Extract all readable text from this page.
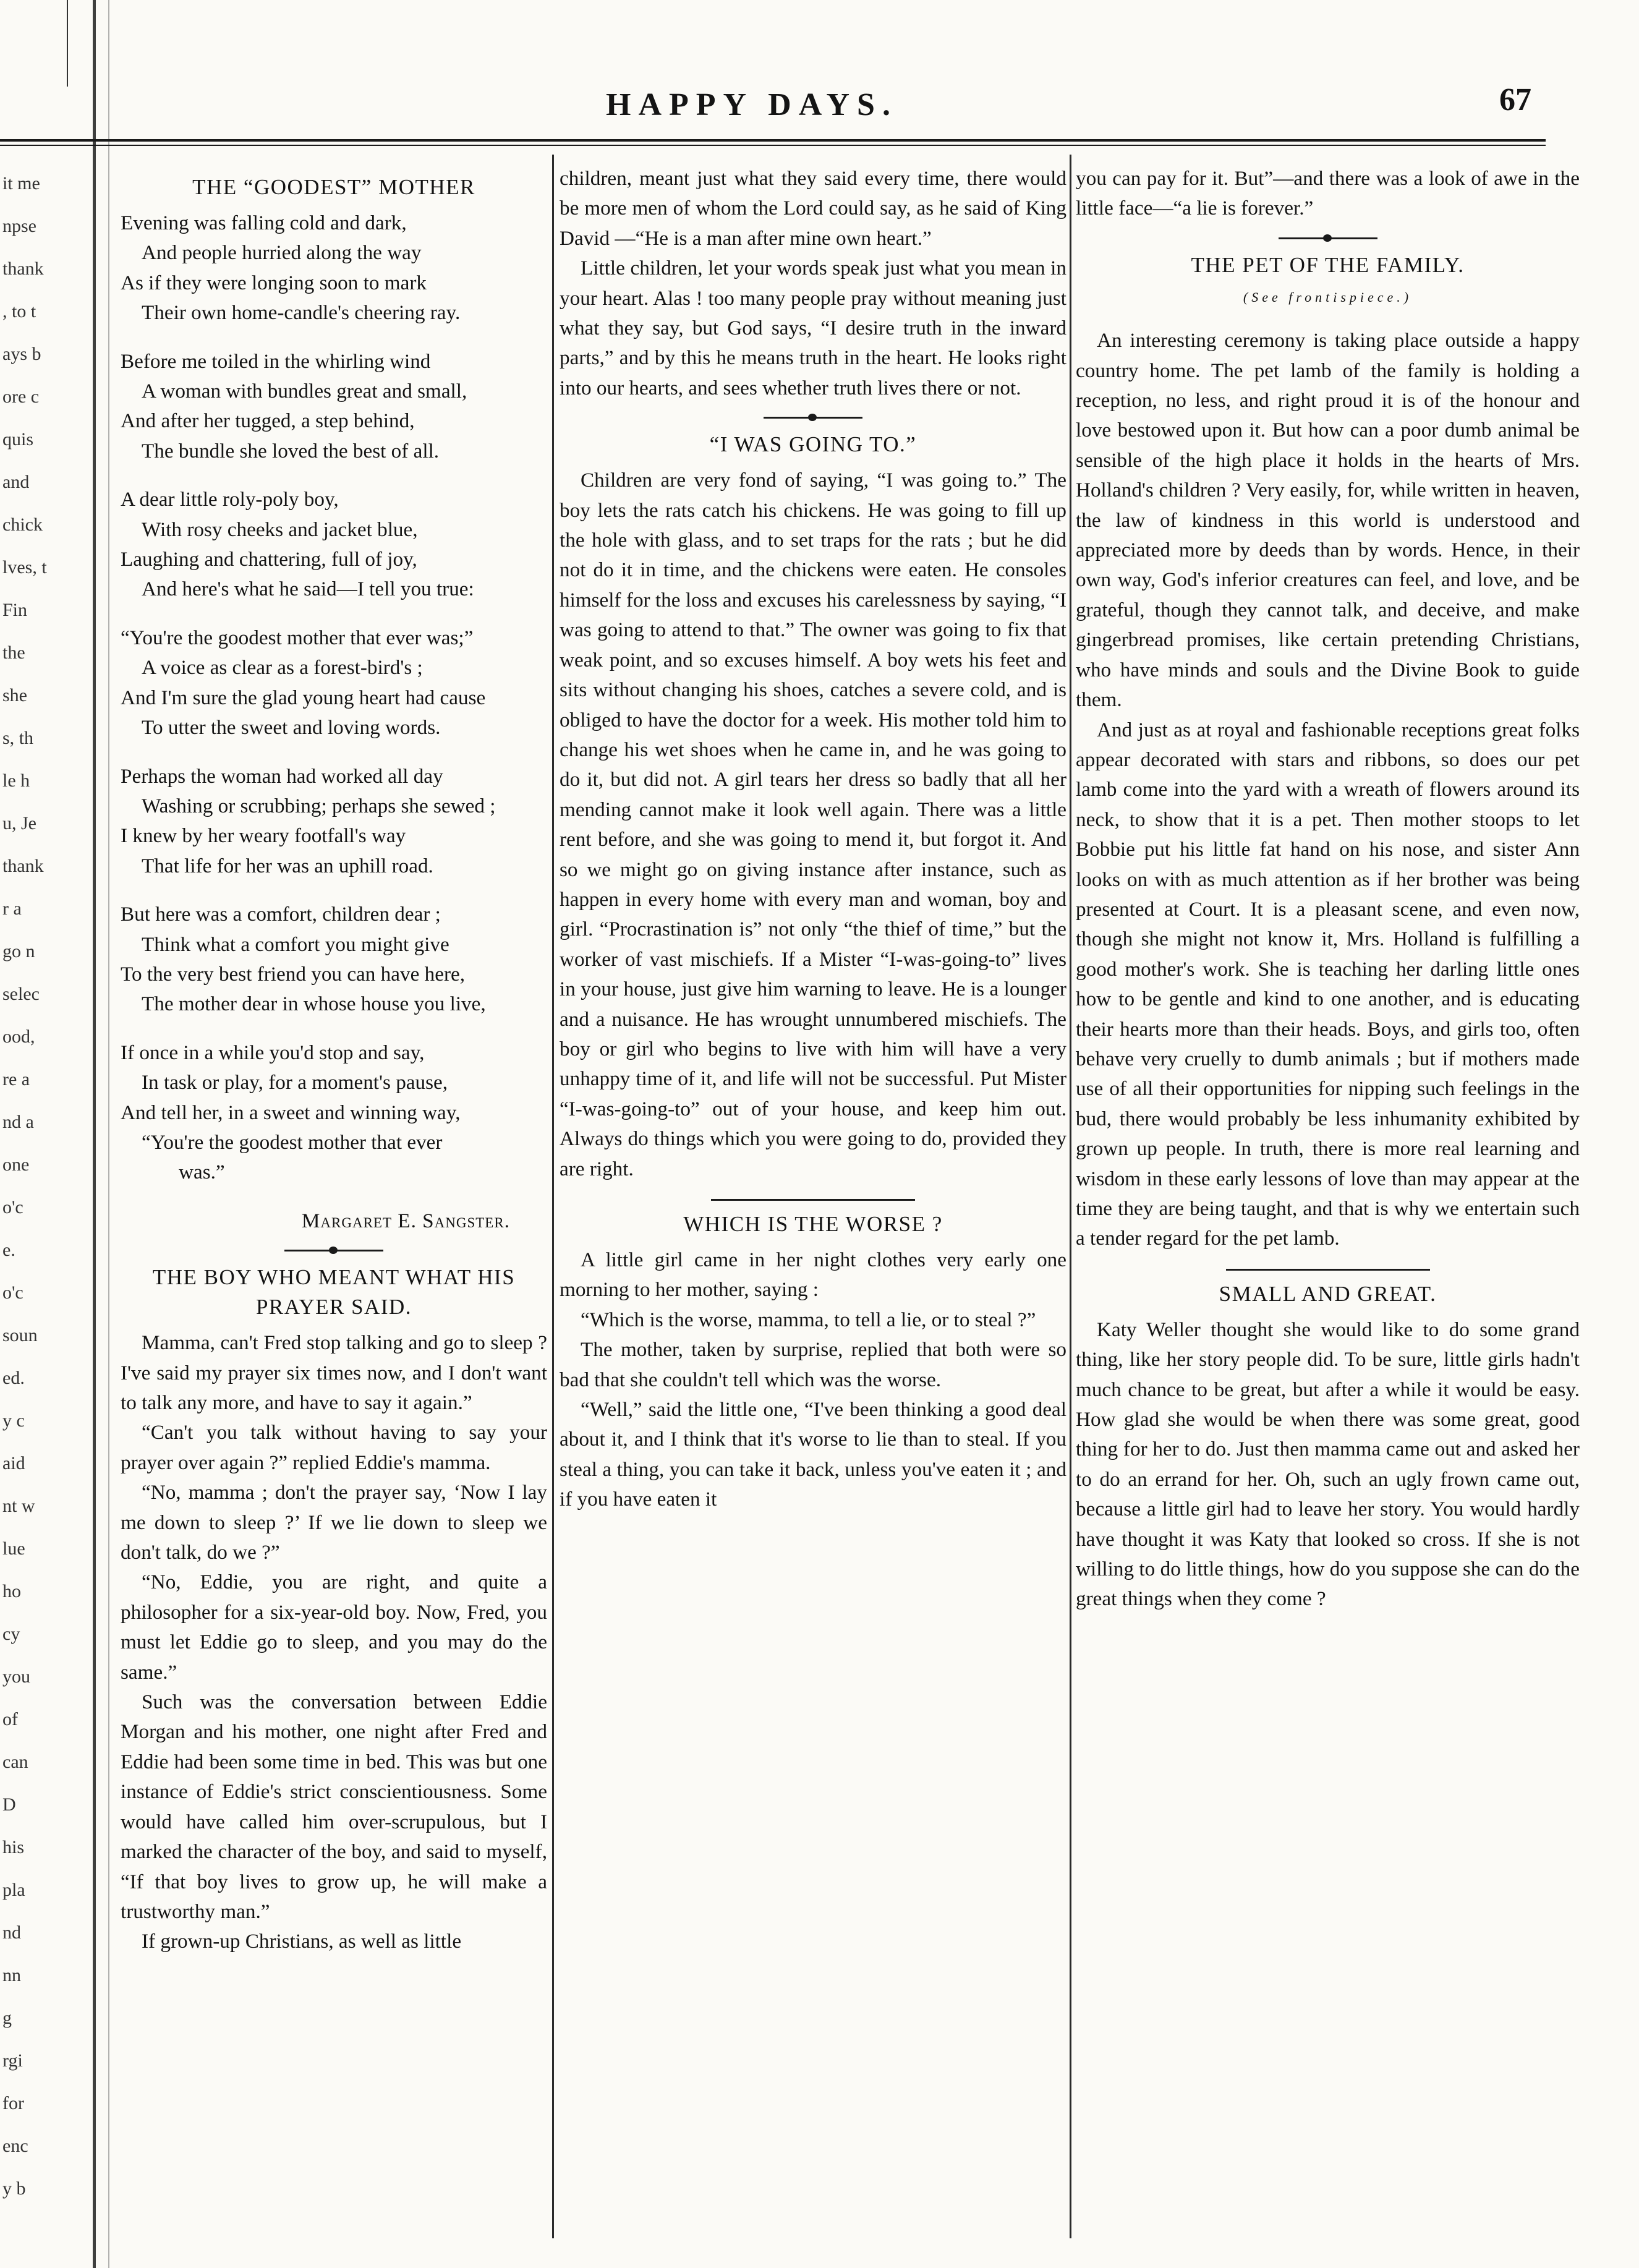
it me
npse
thank
, to t
ays b
ore c
quis
and
chick
lves, t
Fin
the
she
s, th
le h
u, Je
thank
r a
go n
selec
ood,
re a
nd a
one
o'c
e.
o'c
soun
ed.
y c
aid
nt w
lue
ho
cy
you
of
can
D
his
pla
nd
nn
g
rgi
for
enc
y b
HAPPY DAYS.	67
THE “GOODEST” MOTHER
Evening was falling cold and dark,
And people hurried along the way
As if they were longing soon to mark
Their own home-candle's cheering ray.
Before me toiled in the whirling wind
A woman with bundles great and small,
And after her tugged, a step behind,
The bundle she loved the best of all.
A dear little roly-poly boy,
With rosy cheeks and jacket blue,
Laughing and chattering, full of joy,
And here's what he said—I tell you true:
“You're the goodest mother that ever was;”
A voice as clear as a forest-bird's ;
And I'm sure the glad young heart had cause
To utter the sweet and loving words.
Perhaps the woman had worked all day
Washing or scrubbing; perhaps she sewed ;
I knew by her weary footfall's way
That life for her was an uphill road.
But here was a comfort, children dear ;
Think what a comfort you might give
To the very best friend you can have here,
The mother dear in whose house you live,
If once in a while you'd stop and say,
In task or play, for a moment's pause,
And tell her, in a sweet and winning way,
“You're the goodest mother that ever
was.”
Margaret E. Sangster.
THE BOY WHO MEANT WHAT HIS PRAYER SAID.

Mamma, can't Fred stop talking and go to sleep ? I've said my prayer six times now, and I don't want to talk any more, and have to say it again.”

“Can't you talk without having to say your prayer over again ?” replied Eddie's mamma.

“No, mamma ; don't the prayer say, ‘Now I lay me down to sleep ?’ If we lie down to sleep we don't talk, do we ?”

“No, Eddie, you are right, and quite a philosopher for a six-year-old boy. Now, Fred, you must let Eddie go to sleep, and you may do the same.”

Such was the conversation between Eddie Morgan and his mother, one night after Fred and Eddie had been some time in bed. This was but one instance of Eddie's strict conscientiousness. Some would have called him over-scrupulous, but I marked the character of the boy, and said to myself, “If that boy lives to grow up, he will make a trustworthy man.”

If grown-up Christians, as well as little

children, meant just what they said every time, there would be more men of whom the Lord could say, as he said of King David —“He is a man after mine own heart.”

Little children, let your words speak just what you mean in your heart. Alas ! too many people pray without meaning just what they say, but God says, “I desire truth in the inward parts,” and by this he means truth in the heart. He looks right into our hearts, and sees whether truth lives there or not.

“I WAS GOING TO.”

Children are very fond of saying, “I was going to.” The boy lets the rats catch his chickens. He was going to fill up the hole with glass, and to set traps for the rats ; but he did not do it in time, and the chickens were eaten. He consoles himself for the loss and excuses his carelessness by saying, “I was going to attend to that.” The owner was going to fix that weak point, and so excuses himself. A boy wets his feet and sits without changing his shoes, catches a severe cold, and is obliged to have the doctor for a week. His mother told him to change his wet shoes when he came in, and he was going to do it, but did not. A girl tears her dress so badly that all her mending cannot make it look well again. There was a little rent before, and she was going to mend it, but forgot it. And so we might go on giving instance after instance, such as happen in every home with every man and woman, boy and girl. “Procrastination is” not only “the thief of time,” but the worker of vast mischiefs. If a Mister “I-was-going-to” lives in your house, just give him warning to leave. He is a lounger and a nuisance. He has wrought unnumbered mischiefs. The boy or girl who begins to live with him will have a very unhappy time of it, and life will not be successful. Put Mister “I-was-going-to” out of your house, and keep him out. Always do things which you were going to do, provided they are right.

WHICH IS THE WORSE ?

A little girl came in her night clothes very early one morning to her mother, saying :

“Which is the worse, mamma, to tell a lie, or to steal ?”

The mother, taken by surprise, replied that both were so bad that she couldn't tell which was the worse.

“Well,” said the little one, “I've been thinking a good deal about it, and I think that it's worse to lie than to steal. If you steal a thing, you can take it back, unless you've eaten it ; and if you have eaten it

you can pay for it. But”—and there was a look of awe in the little face—“a lie is forever.”

THE PET OF THE FAMILY.
(See frontispiece.)

An interesting ceremony is taking place outside a happy country home. The pet lamb of the family is holding a reception, no less, and right proud it is of the honour and love bestowed upon it. But how can a poor dumb animal be sensible of the high place it holds in the hearts of Mrs. Holland's children ? Very easily, for, while written in heaven, the law of kindness in this world is understood and appreciated more by deeds than by words. Hence, in their own way, God's inferior creatures can feel, and love, and be grateful, though they cannot talk, and deceive, and make gingerbread promises, like certain pretending Christians, who have minds and souls and the Divine Book to guide them.

And just as at royal and fashionable receptions great folks appear decorated with stars and ribbons, so does our pet lamb come into the yard with a wreath of flowers around its neck, to show that it is a pet. Then mother stoops to let Bobbie put his little fat hand on his nose, and sister Ann looks on with as much attention as if her brother was being presented at Court. It is a pleasant scene, and even now, though she might not know it, Mrs. Holland is fulfilling a good mother's work. She is teaching her darling little ones how to be gentle and kind to one another, and is educating their hearts more than their heads. Boys, and girls too, often behave very cruelly to dumb animals ; but if mothers made use of all their opportunities for nipping such feelings in the bud, there would probably be less inhumanity exhibited by grown up people. In truth, there is more real learning and wisdom in these early lessons of love than may appear at the time they are being taught, and that is why we entertain such a tender regard for the pet lamb.

SMALL AND GREAT.

Katy Weller thought she would like to do some grand thing, like her story people did. To be sure, little girls hadn't much chance to be great, but after a while it would be easy. How glad she would be when there was some great, good thing for her to do. Just then mamma came out and asked her to do an errand for her. Oh, such an ugly frown came out, because a little girl had to leave her story. You would hardly have thought it was Katy that looked so cross. If she is not willing to do little things, how do you suppose she can do the great things when they come ?
